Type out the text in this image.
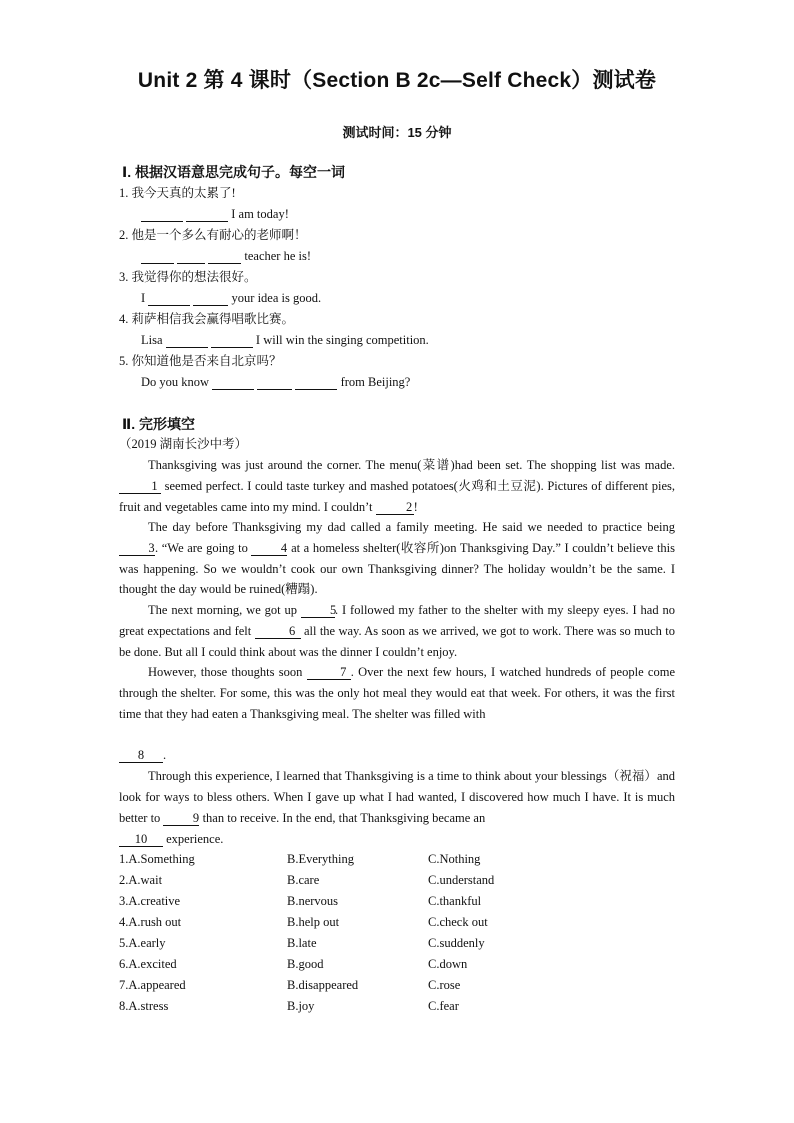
Unit 2 第 4 课时（Section B 2c—Self Check）测试卷
测试时间：15 分钟
Ⅰ. 根据汉语意思完成句子。每空一词
1. 我今天真的太累了!
I am today!
2. 他是一个多么有耐心的老师啊！
teacher he is!
3. 我觉得你的想法很好。
I	your idea is good.
4. 莉萨相信我会赢得唱歌比赛。
Lisa	I will win the singing competition.
5. 你知道他是否来自北京吗？
Do you know	from Beijing?
Ⅱ. 完形填空
（2019 湖南长沙中考）
Thanksgiving was just around the corner. The menu(菜谱)had been set. The shopping list was made. 1 seemed perfect. I could taste turkey and mashed potatoes(火鸡和土豆泥). Pictures of different pies, fruit and vegetables came into my mind. I couldn’t 2!
The day before Thanksgiving my dad called a family meeting. He said we needed to practice being 3. “We are going to 4 at a homeless shelter(收容所)on Thanksgiving Day.” I couldn’t believe this was happening. So we wouldn’t cook our own Thanksgiving dinner? The holiday wouldn’t be the same. I thought the day would be ruined(糟蹋).
The next morning, we got up 5. I followed my father to the shelter with my sleepy eyes. I had no great expectations and felt	6 all the way. As soon as we arrived, we got to work. There was so much to be done. But all I could think about was the dinner I couldn’t enjoy.
However, those thoughts soon	7 . Over the next few hours, I watched hundreds of people come through the shelter. For some, this was the only hot meal they would eat that week. For others, it was the first time that they had eaten a Thanksgiving meal. The shelter was filled with
8 .
Through this experience, I learned that Thanksgiving is a time to think about your blessings（祝福）and look for ways to bless others. When I gave up what I had wanted, I discovered how much I have. It is much better to 9 than to receive. In the end, that Thanksgiving became an
10 experience.
1.A.Something	B.Everything	C.Nothing
2.A.wait	B.care	C.understand
3.A.creative	B.nervous	C.thankful
4.A.rush out	B.help out	C.check out
5.A.early	B.late	C.suddenly
6.A.excited	B.good	C.down
7.A.appeared	B.disappeared	C.rose
8.A.stress	B.joy	C.fear
